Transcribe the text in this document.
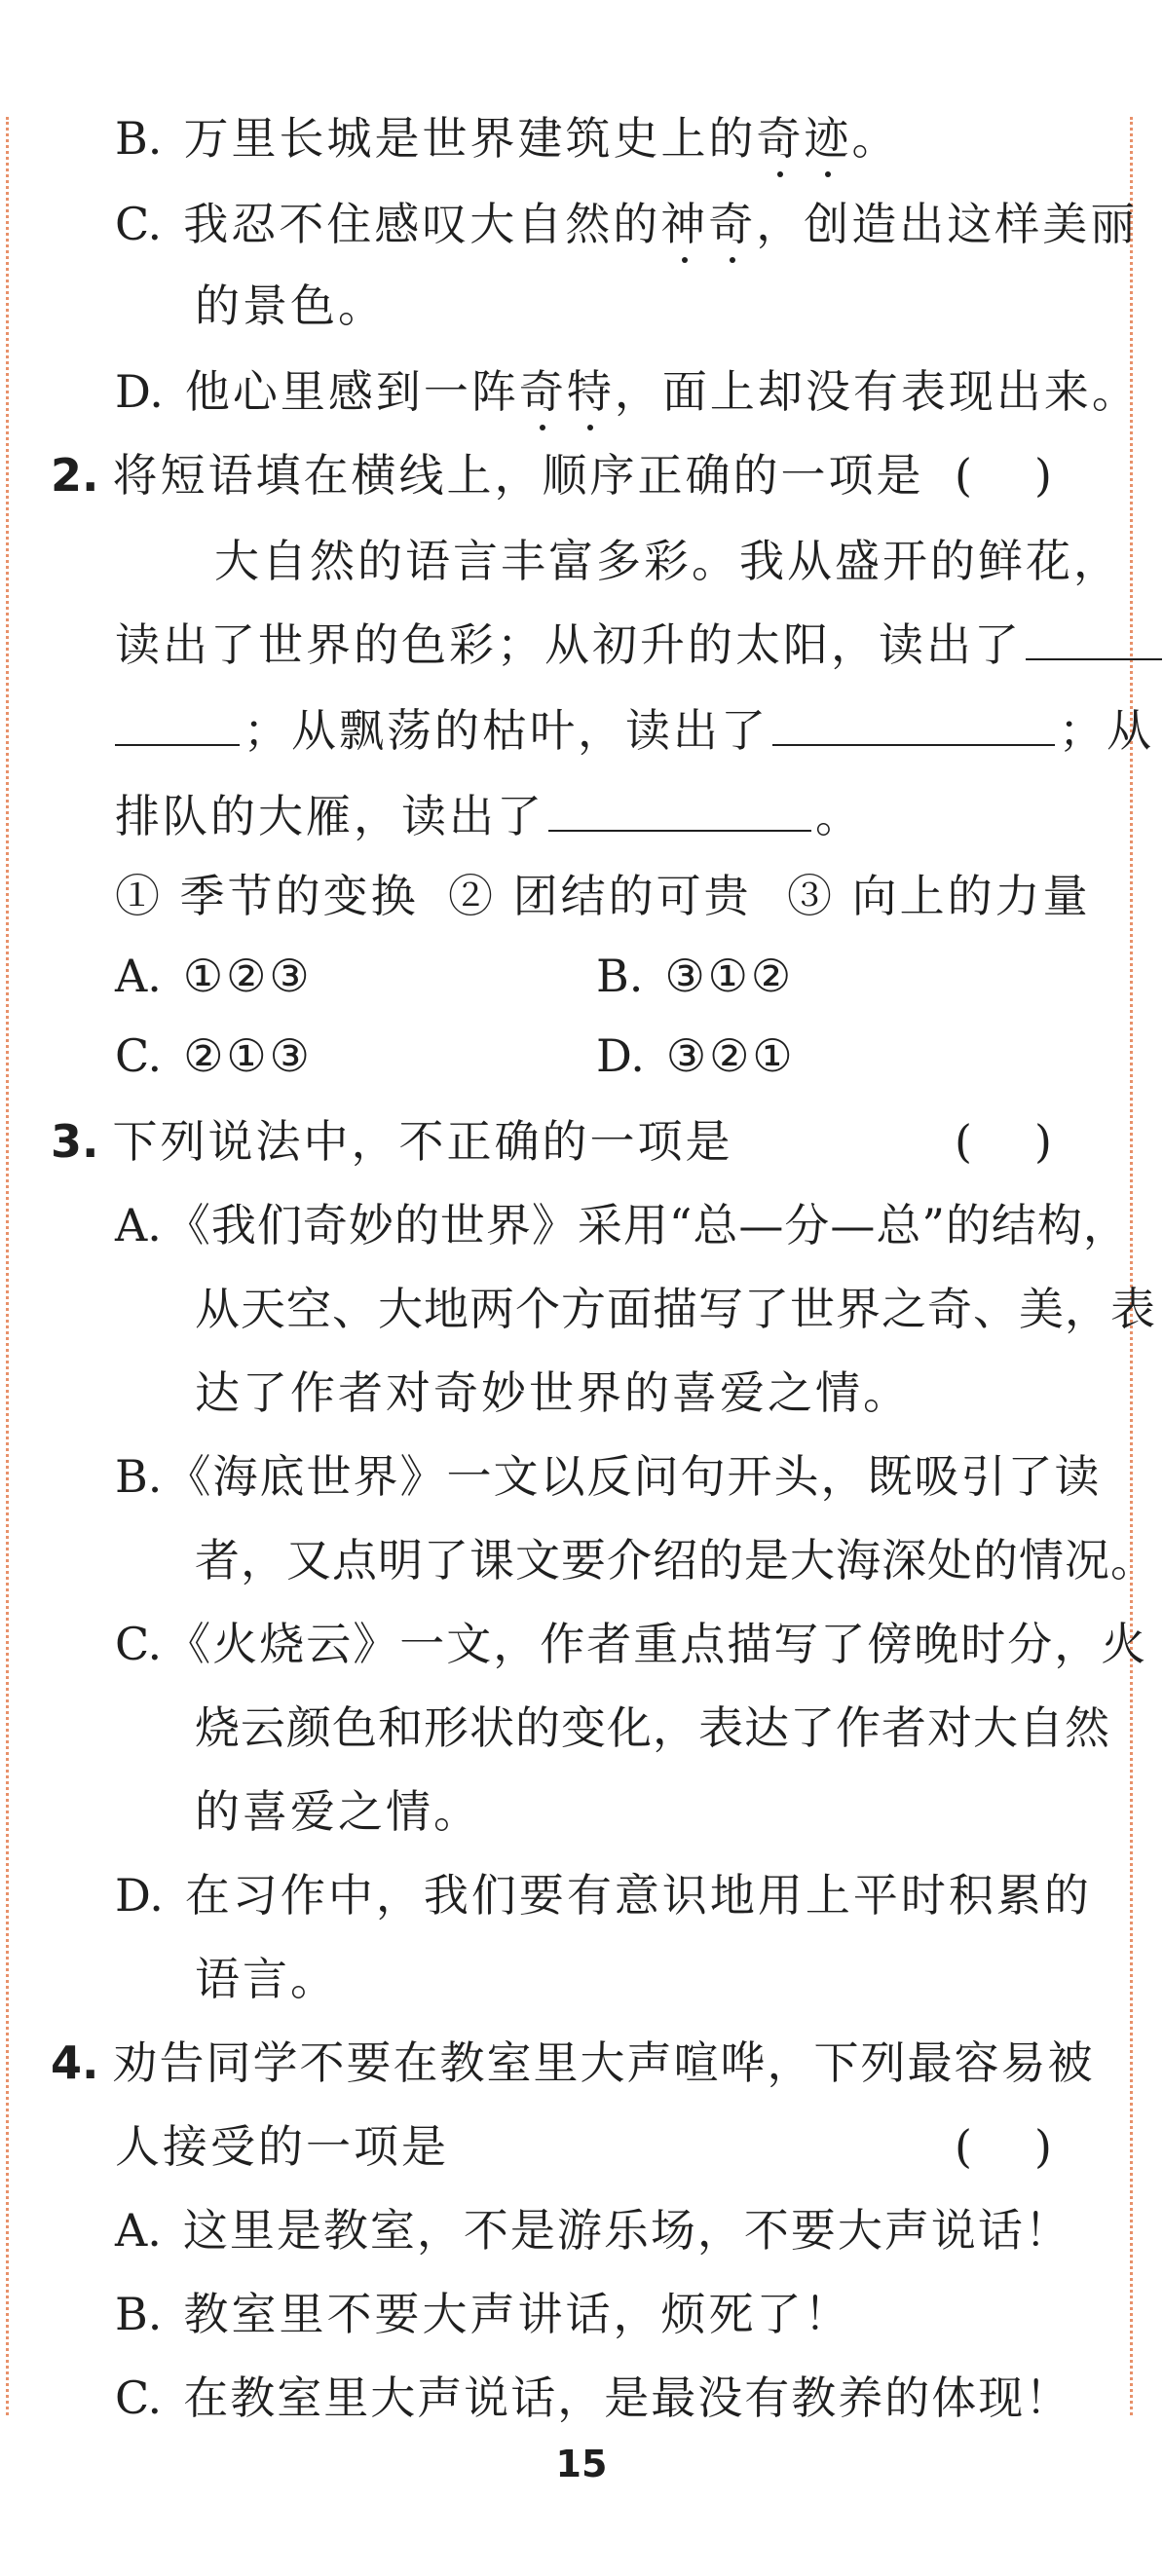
B. 万里长城是世界建筑史上的奇迹。
C. 我忍不住感叹大自然的神奇，创造出这样美丽
的景色。
D. 他心里感到一阵奇特，面上却没有表现出来。
2. 将短语填在横线上，顺序正确的一项是 ( )
大自然的语言丰富多彩。我从盛开的鲜花，
读出了世界的色彩；从初升的太阳，读出了
；从飘荡的枯叶，读出了	；从
排队的大雁，读出了	。
① 季节的变换 ② 团结的可贵 ③ 向上的力量
A. ①②③	B. ③①②
C. ②①③	D. ③②①
3. 下列说法中，不正确的一项是	( )
A.《我们奇妙的世界》采用“总—分—总”的结构，
从天空、大地两个方面描写了世界之奇、美，表
达了作者对奇妙世界的喜爱之情。
B.《海底世界》一文以反问句开头，既吸引了读
者，又点明了课文要介绍的是大海深处的情况。
C.《火烧云》一文，作者重点描写了傍晚时分，火
烧云颜色和形状的变化，表达了作者对大自然
的喜爱之情。
D. 在习作中，我们要有意识地用上平时积累的
语言。
4. 劝告同学不要在教室里大声喧哗，下列最容易被
人接受的一项是	( )
A. 这里是教室，不是游乐场，不要大声说话！
B. 教室里不要大声讲话，烦死了！
C. 在教室里大声说话，是最没有教养的体现！
15
